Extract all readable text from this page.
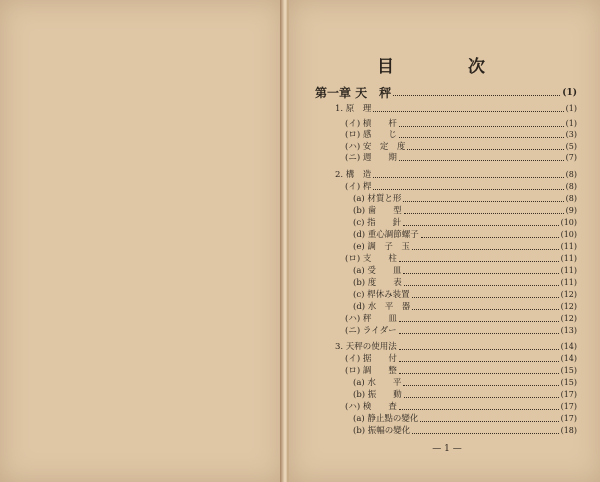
目	次
第一章 天　秤	(1)
1. 原　理	(1)
(イ) 槓　　杆	(1)
(ロ) 感　　じ	(3)
(ハ) 安　定　度	(5)
(ニ) 週　　期	(7)
2. 構　造	(8)
(イ) 桿	(8)
(a) 材質と形	(8)
(b) 歯　　型	(9)
(c) 指　　針	(10)
(d) 重心調節螺子	(10)
(e) 調　子　玉	(11)
(ロ) 支　　柱	(11)
(a) 受　　皿	(11)
(b) 度　　表	(11)
(c) 桿休み装置	(12)
(d) 水　平　器	(12)
(ハ) 秤　　皿	(12)
(ニ) ライダー	(13)
3. 天秤の使用法	(14)
(イ) 据　　付	(14)
(ロ) 調　　整	(15)
(a) 水　　平	(15)
(b) 振　　動	(17)
(ハ) 検　　査	(17)
(a) 静止點の變化	(17)
(b) 振幅の變化	(18)
— 1 —
